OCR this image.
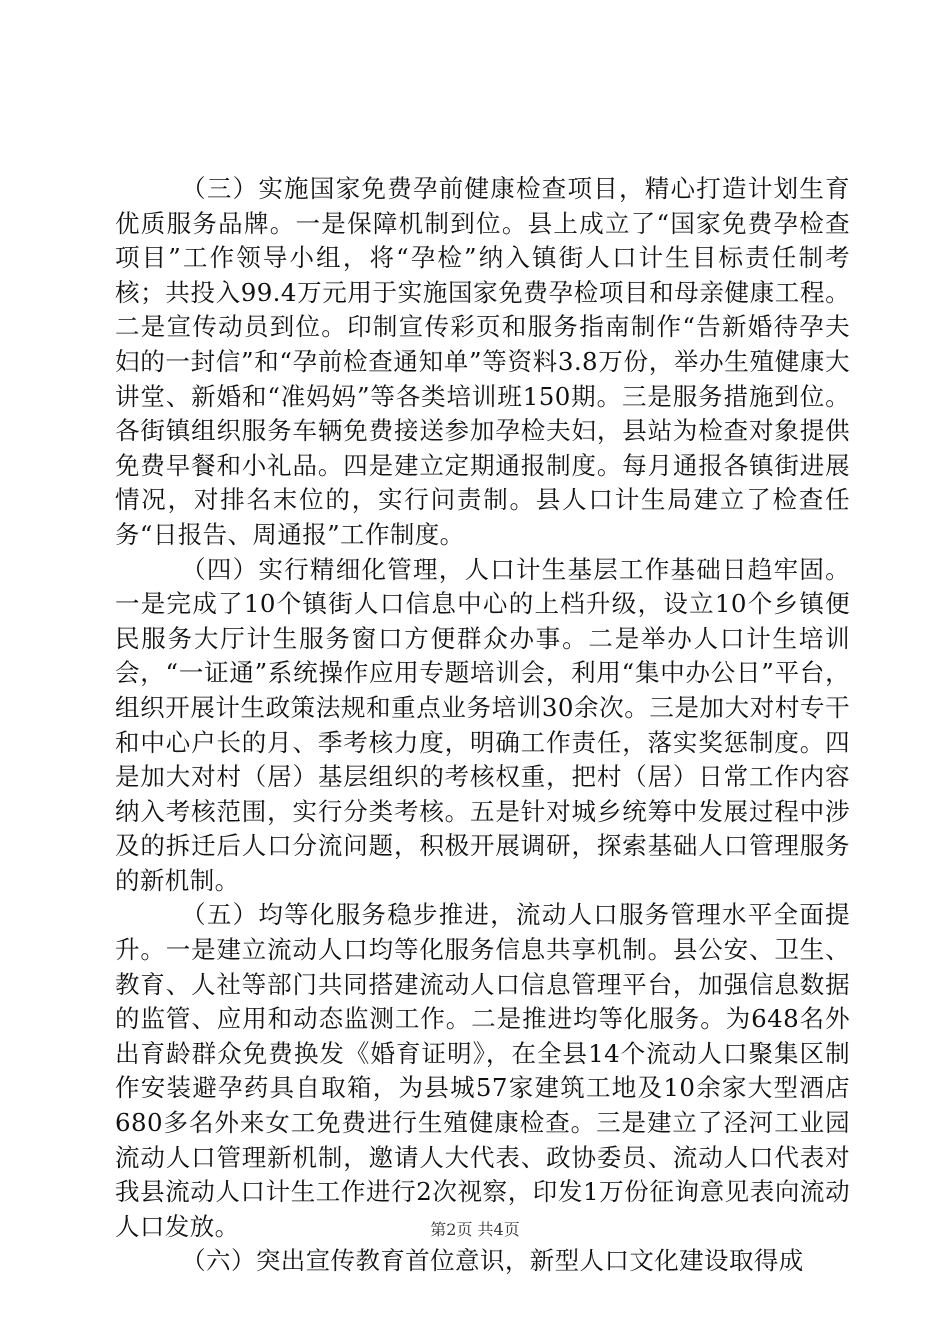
（三）实施国家免费孕前健康检查项目，精心打造计划生育优质服务品牌。一是保障机制到位。县上成立了“国家免费孕检查项目”工作领导小组，将“孕检”纳入镇街人口计生目标责任制考核；共投入99.4万元用于实施国家免费孕检项目和母亲健康工程。二是宣传动员到位。印制宣传彩页和服务指南制作“告新婚待孕夫妇的一封信”和“孕前检查通知单”等资料3.8万份，举办生殖健康大讲堂、新婚和“准妈妈”等各类培训班150期。三是服务措施到位。各街镇组织服务车辆免费接送参加孕检夫妇，县站为检查对象提供免费早餐和小礼品。四是建立定期通报制度。每月通报各镇街进展情况，对排名末位的，实行问责制。县人口计生局建立了检查任务“日报告、周通报”工作制度。

（四）实行精细化管理，人口计生基层工作基础日趋牢固。一是完成了10个镇街人口信息中心的上档升级，设立10个乡镇便民服务大厅计生服务窗口方便群众办事。二是举办人口计生培训会，“一证通”系统操作应用专题培训会，利用“集中办公日”平台，组织开展计生政策法规和重点业务培训30余次。三是加大对村专干和中心户长的月、季考核力度，明确工作责任，落实奖惩制度。四是加大对村（居）基层组织的考核权重，把村（居）日常工作内容纳入考核范围，实行分类考核。五是针对城乡统筹中发展过程中涉及的拆迁后人口分流问题，积极开展调研，探索基础人口管理服务的新机制。

（五）均等化服务稳步推进，流动人口服务管理水平全面提升。一是建立流动人口均等化服务信息共享机制。县公安、卫生、教育、人社等部门共同搭建流动人口信息管理平台，加强信息数据的监管、应用和动态监测工作。二是推进均等化服务。为648名外出育龄群众免费换发《婚育证明》，在全县14个流动人口聚集区制作安装避孕药具自取箱，为县城57家建筑工地及10余家大型酒店680多名外来女工免费进行生殖健康检查。三是建立了泾河工业园流动人口管理新机制，邀请人大代表、政协委员、流动人口代表对我县流动人口计生工作进行2次视察，印发1万份征询意见表向流动人口发放。

（六）突出宣传教育首位意识，新型人口文化建设取得成

第2页 共4页
